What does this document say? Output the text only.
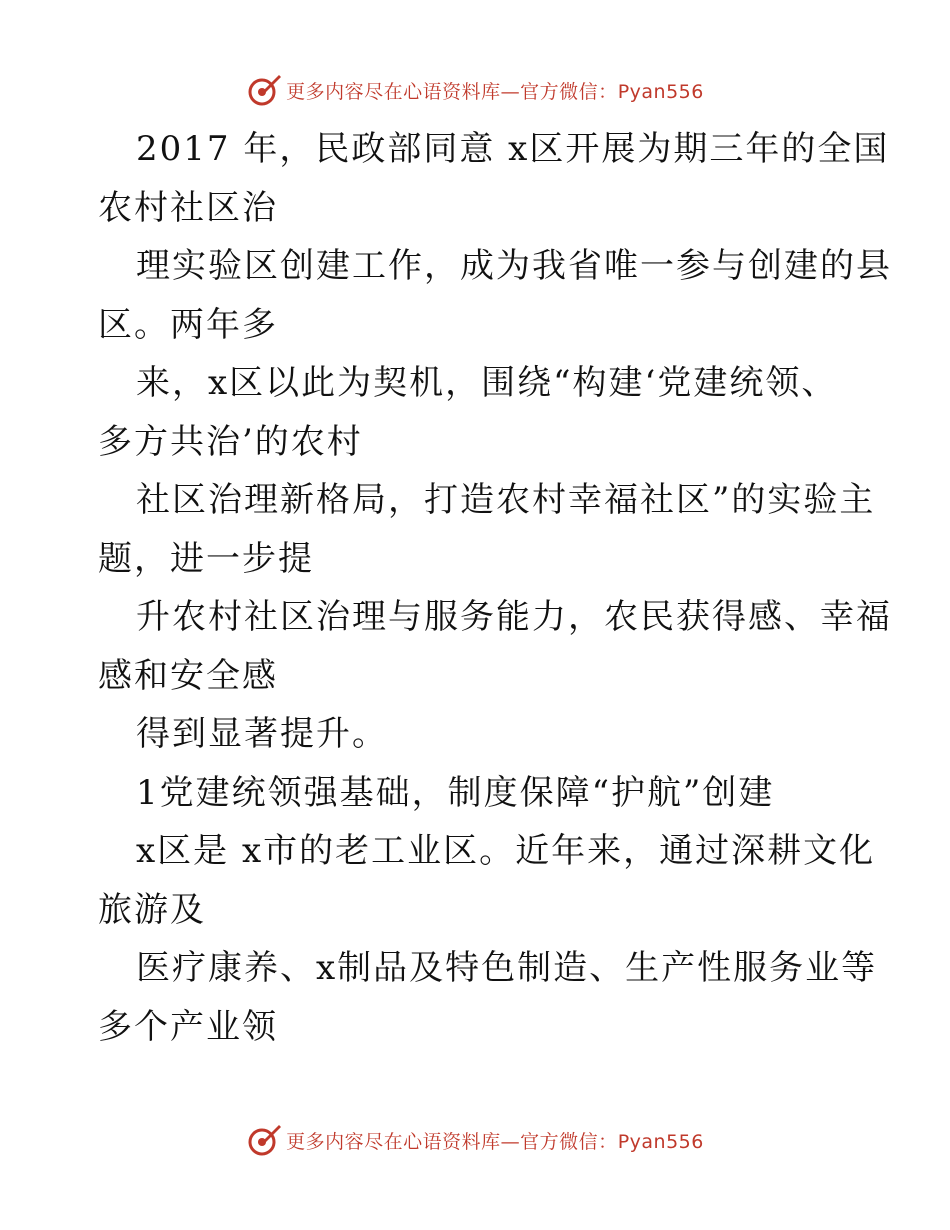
更多内容尽在心语资料库—官方微信：Pyan556
2017 年，民政部同意 x区开展为期三年的全国
农村社区治
理实验区创建工作，成为我省唯一参与创建的县
区。两年多
来，x区以此为契机，围绕“构建‘党建统领、
多方共治’的农村
社区治理新格局，打造农村幸福社区”的实验主
题，进一步提
升农村社区治理与服务能力，农民获得感、幸福
感和安全感
得到显著提升。
1党建统领强基础，制度保障“护航”创建
x区是 x市的老工业区。近年来，通过深耕文化
旅游及
医疗康养、x制品及特色制造、生产性服务业等
多个产业领
更多内容尽在心语资料库—官方微信：Pyan556
